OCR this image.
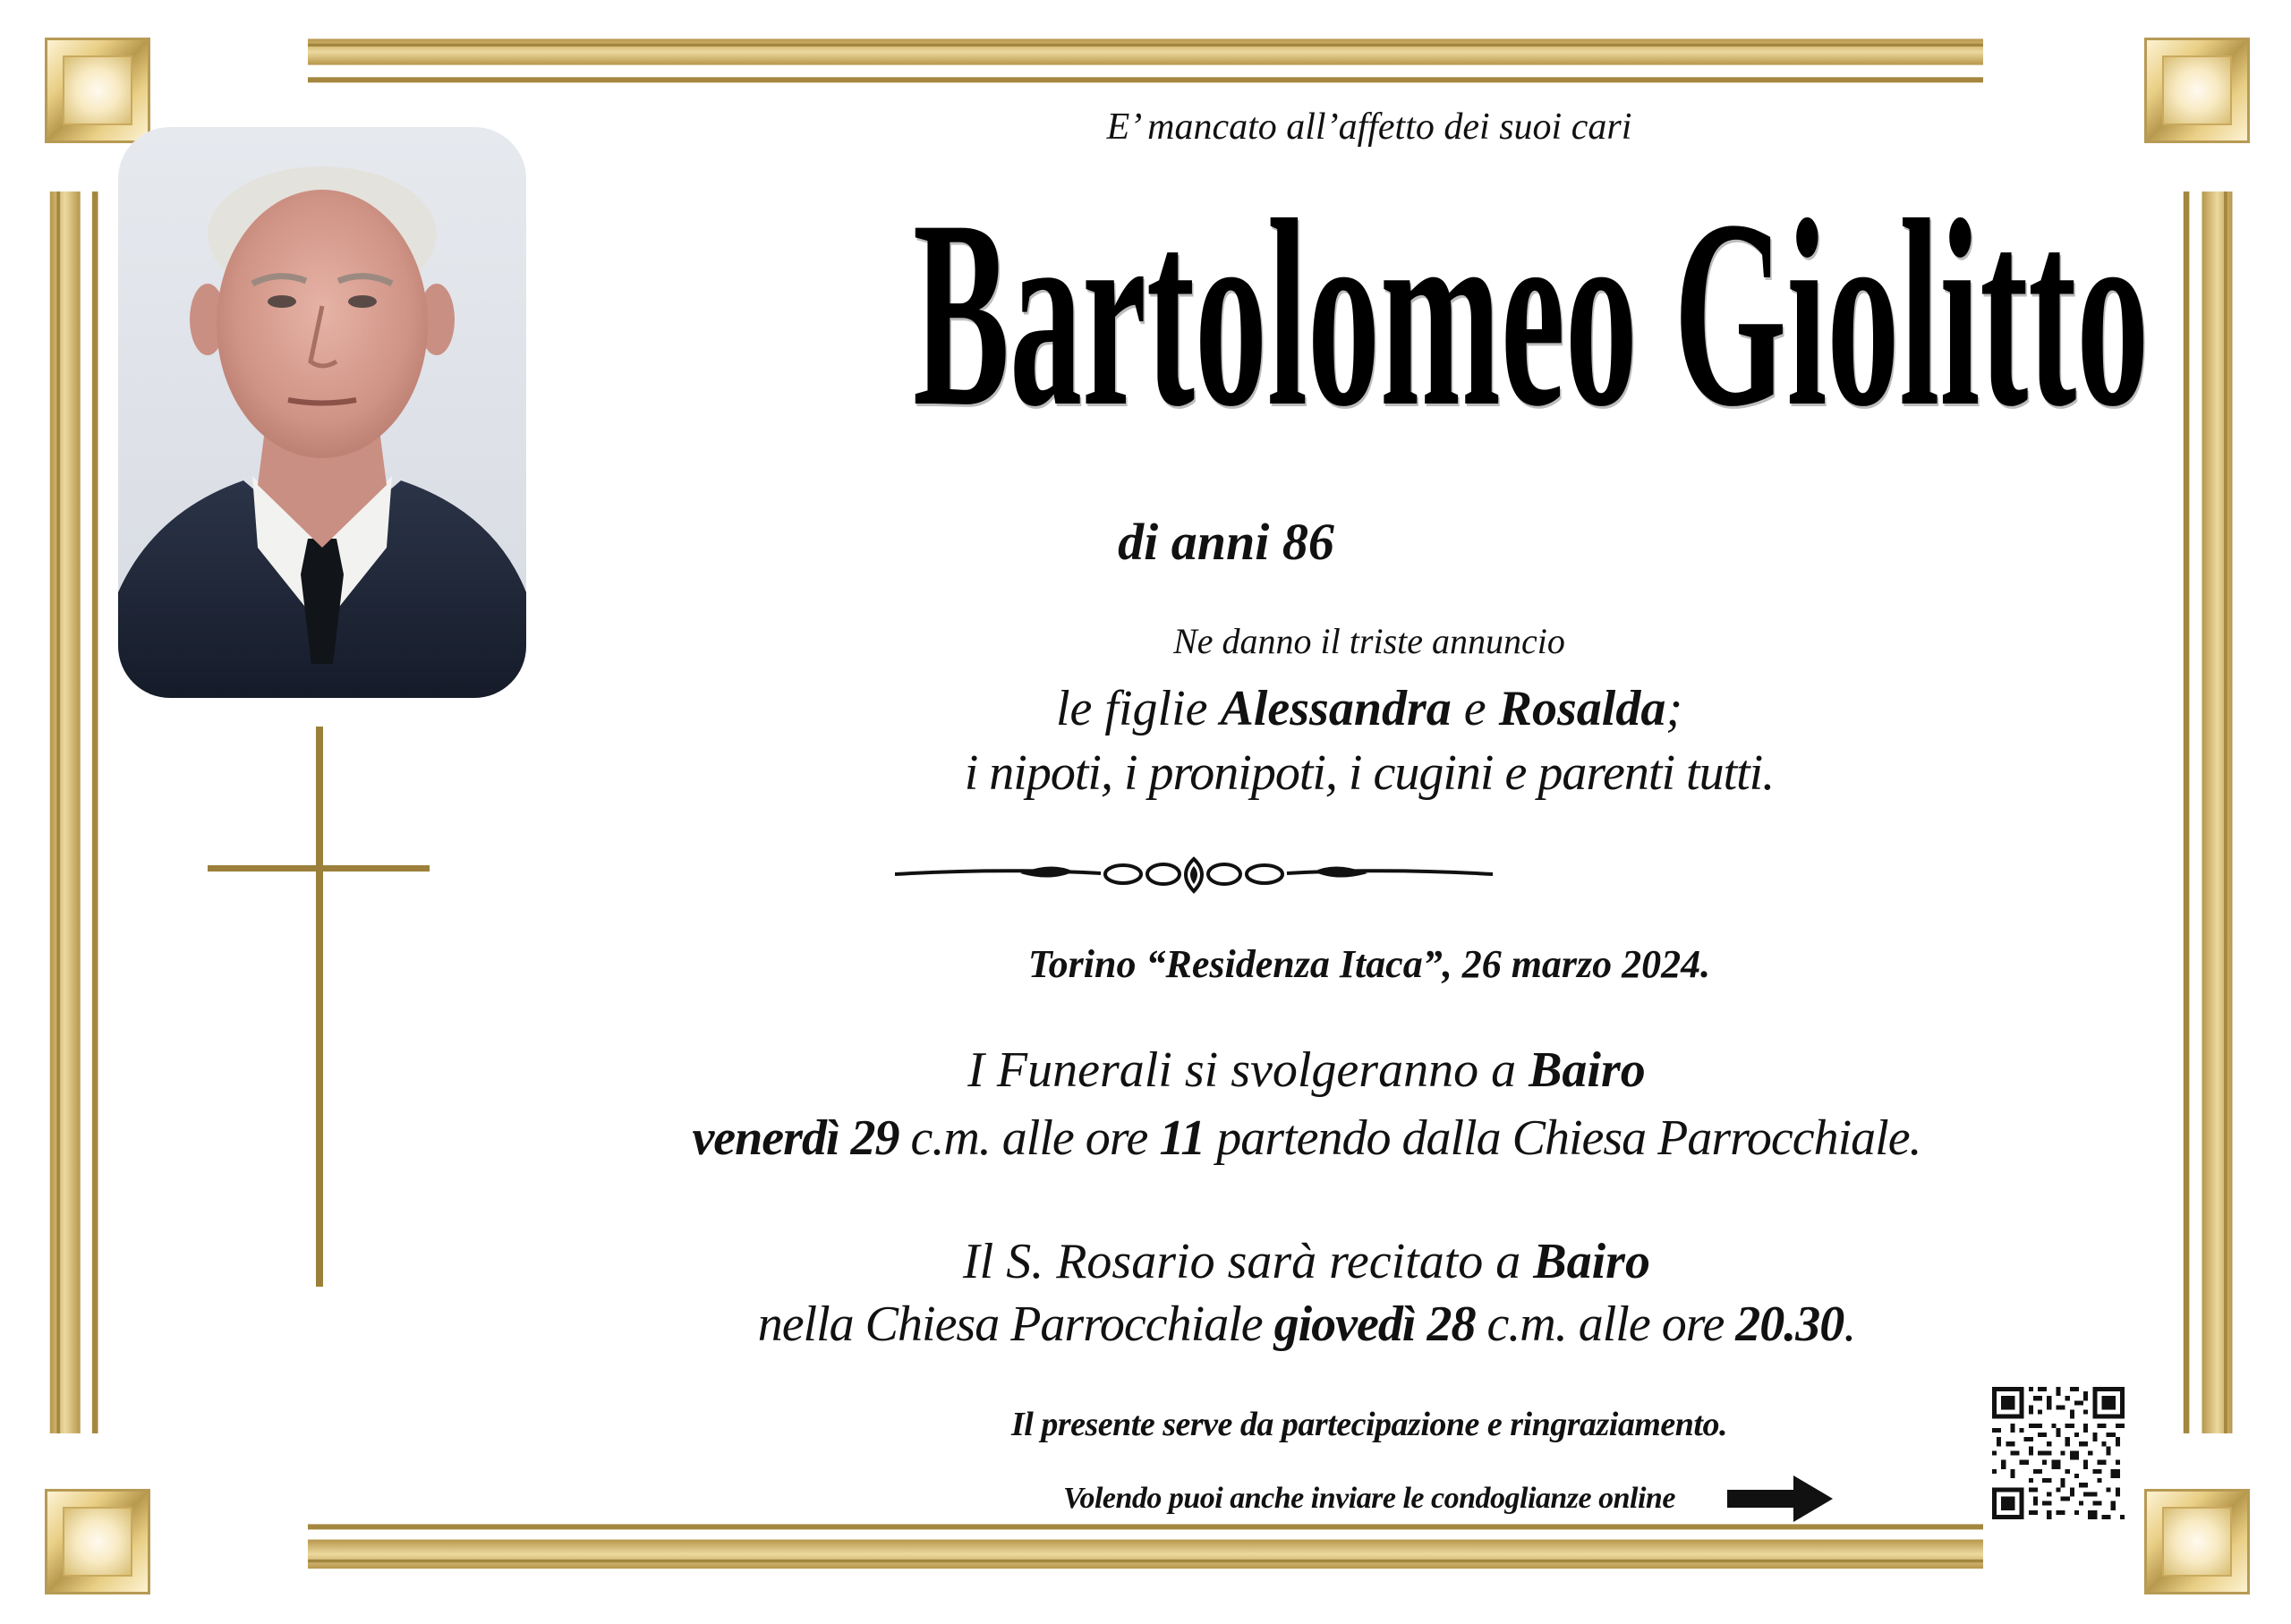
E’ mancato all’affetto dei suoi cari
Bartolomeo Giolitto
di anni 86
Ne danno il triste annuncio
le figlie Alessandra e Rosalda;
i nipoti, i pronipoti, i cugini e parenti tutti.
Torino “Residenza Itaca”, 26 marzo 2024.
I Funerali si svolgeranno a Bairo
venerdì 29 c.m. alle ore 11 partendo dalla Chiesa Parrocchiale.
Il S. Rosario sarà recitato a Bairo
nella Chiesa Parrocchiale giovedì 28 c.m. alle ore 20.30.
Il presente serve da partecipazione e ringraziamento.
Volendo puoi anche inviare le condoglianze online
